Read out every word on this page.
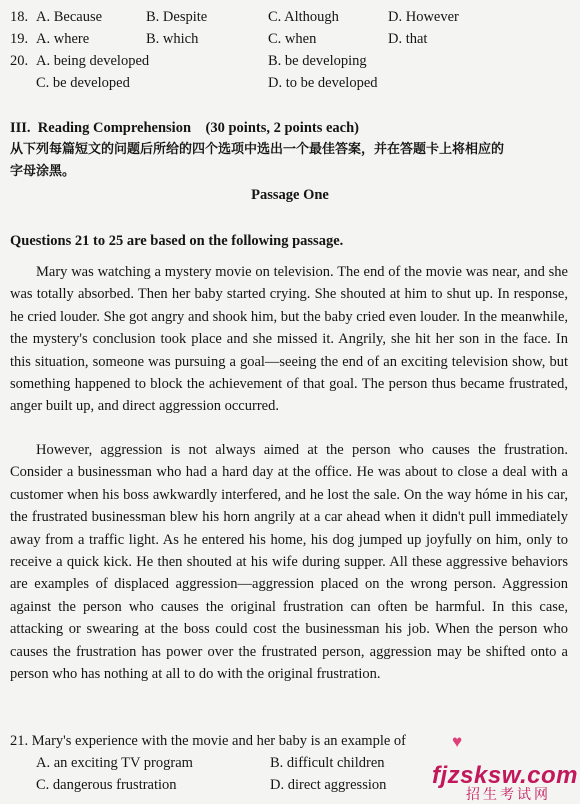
18. A. Because	B. Despite	C. Although	D. However
19. A. where	B. which	C. when	D. that
20. A. being developed	B. be developing
C. be developed	D. to be developed
III.  Reading Comprehension    (30 points, 2 points each)
从下列每篇短文的问题后所给的四个选项中选出一个最佳答案，并在答题卡上将相应的
字母涂黑。
Passage One
Questions 21 to 25 are based on the following passage.

Mary was watching a mystery movie on television. The end of the movie was near, and she was totally absorbed. Then her baby started crying. She shouted at him to shut up. In response, he cried louder. She got angry and shook him, but the baby cried even louder. In the meanwhile, the mystery's conclusion took place and she missed it. Angrily, she hit her son in the face. In this situation, someone was pursuing a goal—seeing the end of an exciting television show, but something happened to block the achievement of that goal. The person thus became frustrated, anger built up, and direct aggression occurred.

However, aggression is not always aimed at the person who causes the frustration. Consider a businessman who had a hard day at the office. He was about to close a deal with a customer when his boss awkwardly interfered, and he lost the sale. On the way hóme in his car, the frustrated businessman blew his horn angrily at a car ahead when it didn't pull immediately away from a traffic light. As he entered his home, his dog jumped up joyfully on him, only to receive a quick kick. He then shouted at his wife during supper. All these aggressive behaviors are examples of displaced aggression—aggression placed on the wrong person. Aggression against the person who causes the original frustration can often be harmful. In this case, attacking or swearing at the boss could cost the businessman his job. When the person who causes the frustration has power over the frustrated person, aggression may be shifted onto a person who has nothing at all to do with the original frustration.

21. Mary's experience with the movie and her baby is an example of
A. an exciting TV program	B. difficult children
C. dangerous frustration	D. direct aggression
♥
fjzsksw.com
招生考试网
